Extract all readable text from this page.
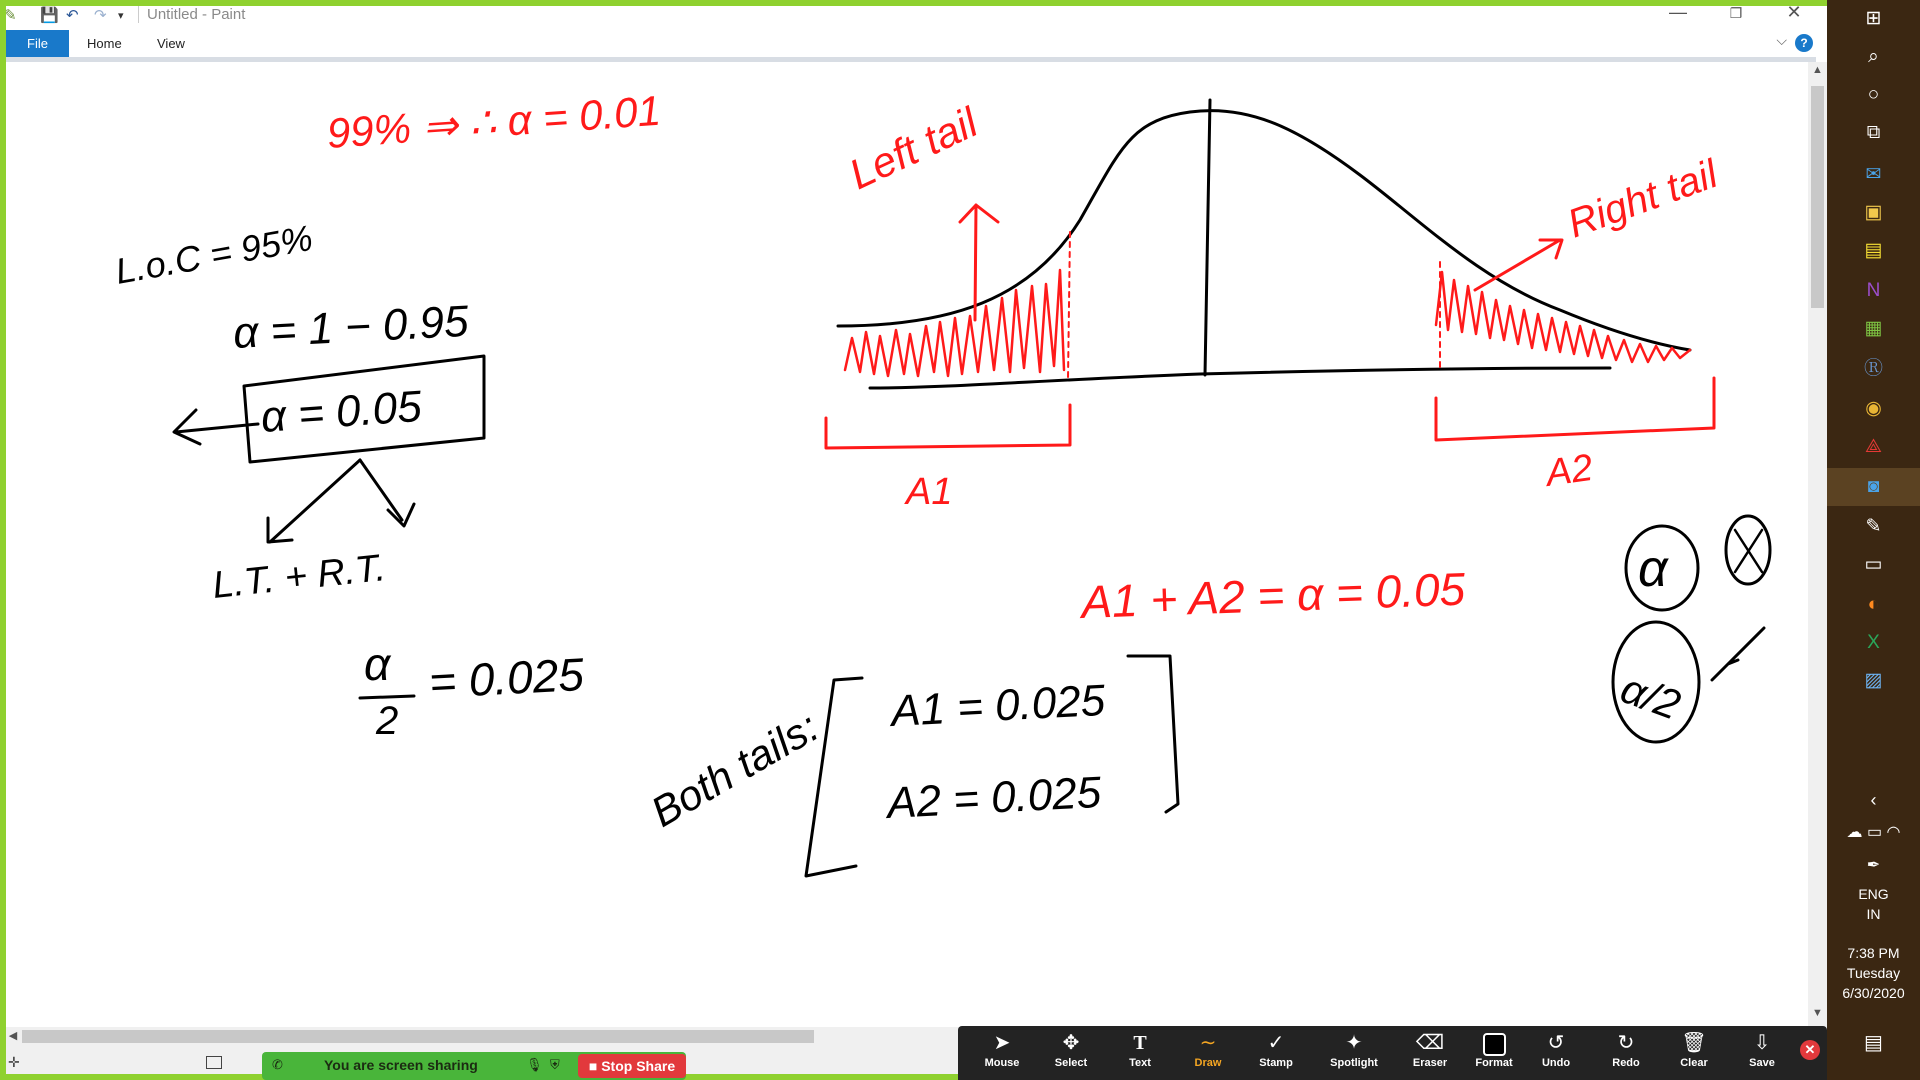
✎ 💾 ↶ ↷ ▾ Untitled - Paint	—	❐	✕
File	Home	View	⌵	?
99% ⇒ ∴ α = 0.01	Left tail
Right tail
A1	A2
A1 + A2 = α = 0.05
L.o.C = 95%
α = 1 − 0.95
α = 0.05
L.T. + R.T.
α
2
= 0.025
α
α/2
Both tails: A1 = 0.025
A2 = 0.025
▲
▼
◀
✛	✆	You are screen sharing	🎙 ⛨	■ Stop Share
➤
Mouse
✥
Select
T
Text
∼
Draw
✓
Stamp
✦
Spotlight
⌫
Eraser	Format
↺
Undo
↻
Redo
🗑
Clear
⇩
Save
✕
⊞
⌕
○
⧉
✉
▣
▤
N
▦
Ⓡ
◉
⟁
◙
✎
▭
◐
X
▨
‹
☁ ▭ ◠
✒
ENG
IN
7:38 PM
Tuesday
6/30/2020
▤
